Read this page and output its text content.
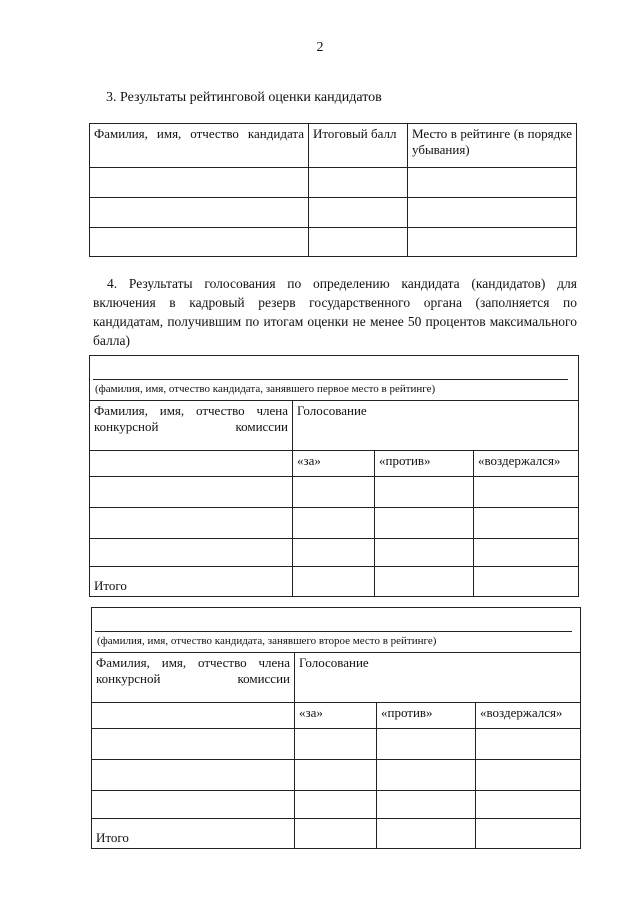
2
3. Результаты рейтинговой оценки кандидатов
Фамилия, имя, отчество кандидата	Итоговый балл	Место в рейтинге (в порядке убывания)

4. Результаты голосования по определению кандидата (кандидатов) для включения в кадровый резерв государственного органа (заполняется по кандидатам, получившим по итогам оценки не менее 50 процентов максимального балла)
(фамилия, имя, отчество кандидата, занявшего первое место в рейтинге)			

Фамилия, имя, отчество члена конкурсной комиссии	Голосование		
	«за»	«против»	«воздержался»

Итого			
(фамилия, имя, отчество кандидата, занявшего второе место в рейтинге)			

Фамилия, имя, отчество члена конкурсной комиссии	Голосование		
	«за»	«против»	«воздержался»

Итого			
